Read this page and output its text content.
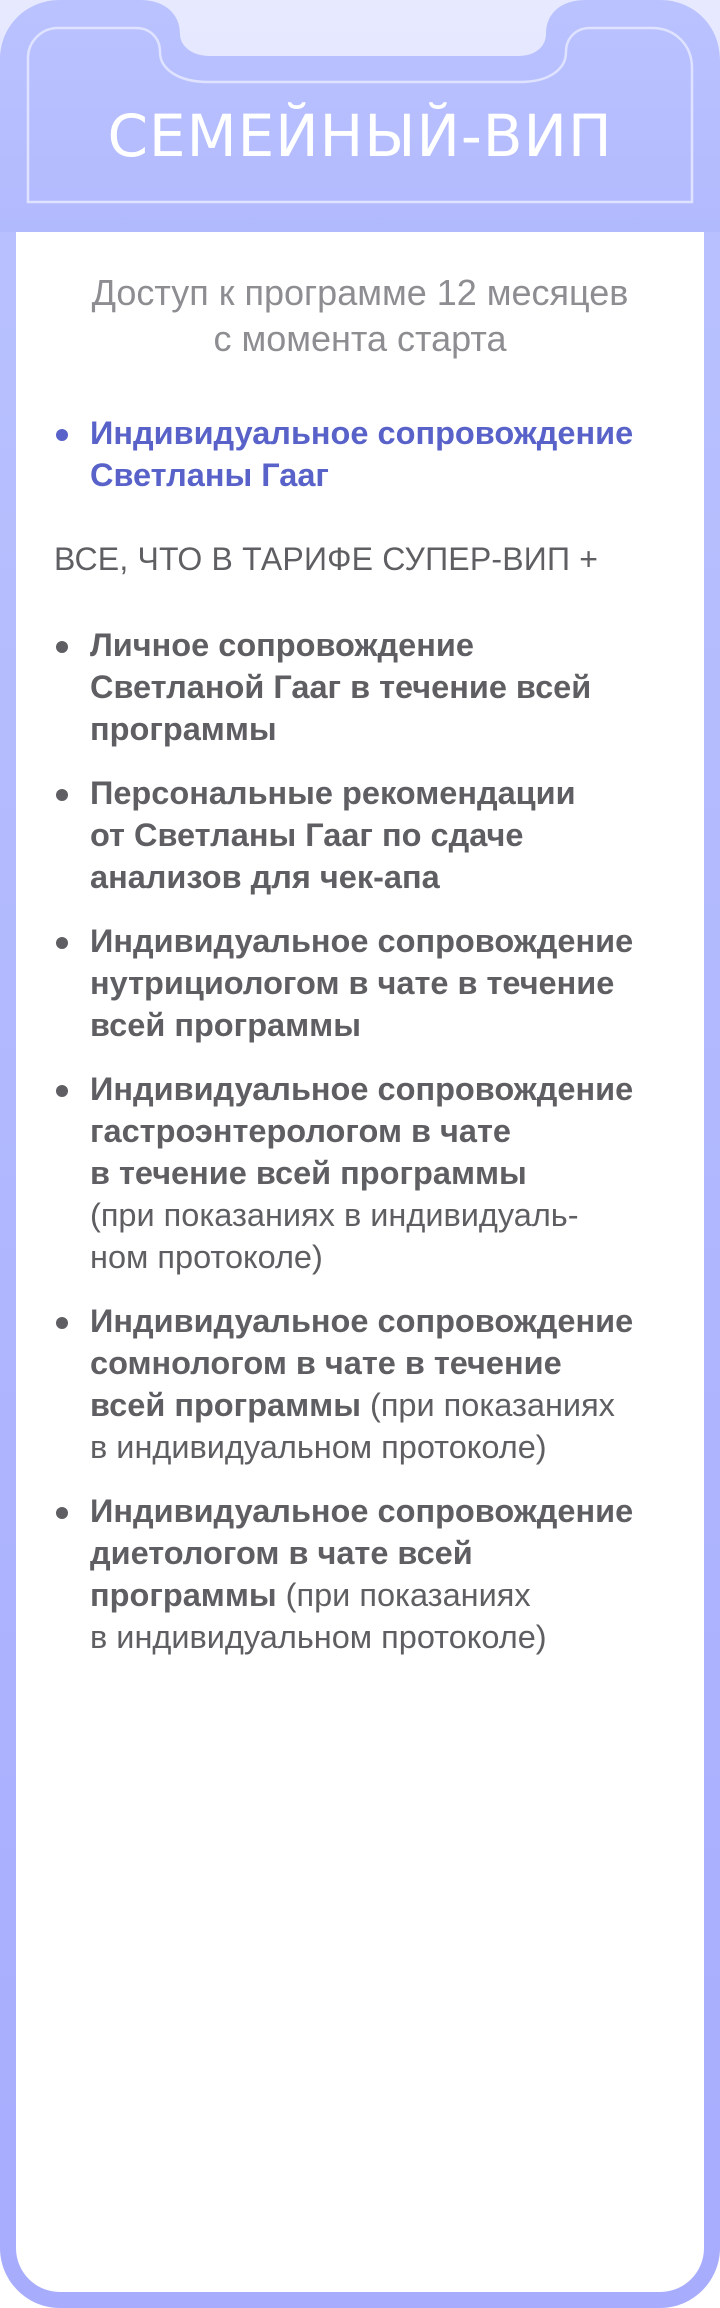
СЕМЕЙНЫЙ-ВИП

Доступ к программе 12 месяцев
с момента старта

Индивидуальное сопровождение
Светланы Гааг
ВСЕ, ЧТО В ТАРИФЕ СУПЕР-ВИП +
Личное сопровождение
Светланой Гааг в течение всей
программы
Персональные рекомендации
от Светланы Гааг по сдаче
анализов для чек-апа
Индивидуальное сопровождение
нутрициологом в чате в течение
всей программы
Индивидуальное сопровождение
гастроэнтерологом в чате
в течение всей программы
(при показаниях в индивидуаль-
ном протоколе)
Индивидуальное сопровождение
сомнологом в чате в течение
всей программы (при показаниях
в индивидуальном протоколе)
Индивидуальное сопровождение
диетологом в чате всей
программы (при показаниях
в индивидуальном протоколе)
